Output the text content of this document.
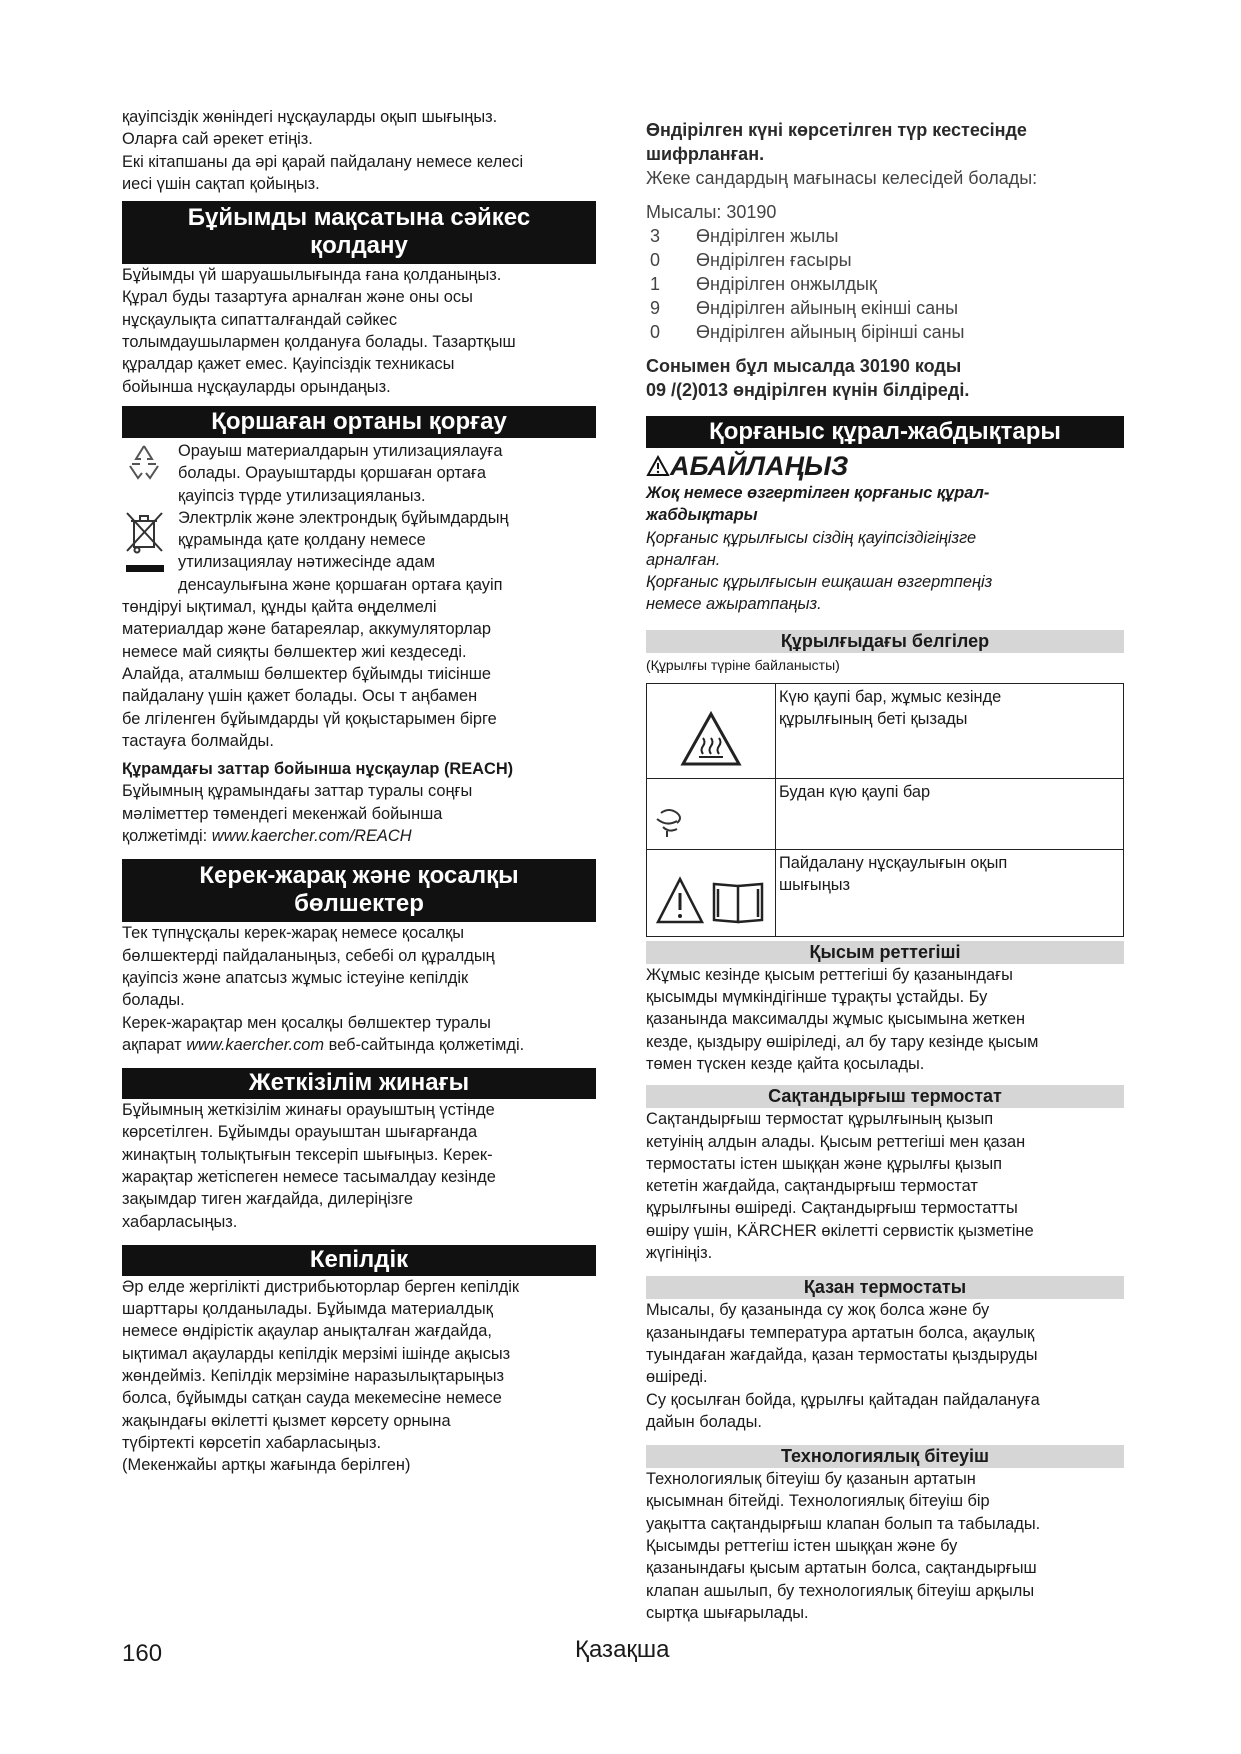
қауіпсіздік жөніндегі нұсқауларды оқып шығыңыз.
Оларға сай әрекет етіңіз.
Екі кітапшаны да әрі қарай пайдалану немесе келесі
иесі үшін сақтап қойыңыз.

Бұйымды мақсатына сәйкес
қолдану

Бұйымды үй шаруашылығында ғана қолданыңыз.
Құрал буды тазартуға арналған және оны осы
нұсқаулықта сипатталғандай сәйкес
толымдаушылармен қолдануға болады. Тазартқыш
құралдар қажет емес. Қауіпсіздік техникасы
бойынша нұсқауларды орындаңыз.

Қоршаған ортаны қорғау

Орауыш материалдарын утилизациялауға
болады. Орауыштарды қоршаған ортаға
қауіпсіз түрде утилизацияланыз.

Электрлік және электрондық бұйымдардың
құрамында қате қолдану немесе
утилизациялау нәтижесінде адам
денсаулығына және қоршаған ортаға қауіп

төндіруі ықтимал, құнды қайта өңделмелі
материалдар және батареялар, аккумуляторлар
немесе май сияқты бөлшектер жиі кездеседі.
Алайда, аталмыш бөлшектер бұйымды тиісінше
пайдалану үшін қажет болады. Осы т аңбамен
бе лгіленген бұйымдарды үй қоқыстарымен бірге
тастауға болмайды.

Құрамдағы заттар бойынша нұсқаулар (REACH)

Бұйымның құрамындағы заттар туралы соңғы
мәліметтер төмендегі мекенжай бойынша
қолжетімді: www.kaercher.com/REACH

Керек-жарақ және қосалқы
бөлшектер

Тек түпнұсқалы керек-жарақ немесе қосалқы
бөлшектерді пайдаланыңыз, себебі ол құралдың
қауіпсіз және апатсыз жұмыс істеуіне кепілдік
болады.
Керек-жарақтар мен қосалқы бөлшектер туралы
ақпарат www.kaercher.com веб-сайтында қолжетімді.

Жеткізілім жинағы

Бұйымның жеткізілім жинағы орауыштың үстінде
көрсетілген. Бұйымды орауыштан шығарғанда
жинақтың толықтығын тексеріп шығыңыз. Керек-
жарақтар жетіспеген немесе тасымалдау кезінде
зақымдар тиген жағдайда, дилеріңізге
хабарласыңыз.

Кепілдік

Әр елде жергілікті дистрибьюторлар берген кепілдік
шарттары қолданылады. Бұйымда материалдық
немесе өндірістік ақаулар анықталған жағдайда,
ықтимал ақауларды кепілдік мерзімі ішінде ақысыз
жөндейміз. Кепілдік мерзіміне наразылықтарыңыз
болса, бұйымды сатқан сауда мекемесіне немесе
жақындағы өкілетті қызмет көрсету орнына
түбіртекті көрсетіп хабарласыңыз.
(Мекенжайы артқы жағында берілген)

Өндірілген күні көрсетілген түр кестесінде
шифрланған.

Жеке сандардың мағынасы келесідей болады:

Мысалы: 30190

3	Өндірілген жылы
0	Өндірілген ғасыры
1	Өндірілген онжылдық
9	Өндірілген айының екінші саны
0	Өндірілген айының бірінші саны

Сонымен бұл мысалда 30190 коды
09 /(2)013 өндірілген күнін білдіреді.

Қорғаныс құрал-жабдықтары
АБАЙЛАҢЫЗ

Жоқ немесе өзгертілген қорғаныс құрал-
жабдықтары

Қорғаныс құрылғысы сіздің қауіпсіздігіңізге
арналған.
Қорғаныс құрылғысын ешқашан өзгертпеңіз
немесе ажыратпаңыз.

Құрылғыдағы белгілер

(Құрылғы түріне байланысты)

	Күю қаупі бар, жұмыс кезінде
құрылғының беті қызады

	Будан күю қаупі бар

	Пайдалану нұсқаулығын оқып
шығыңыз
Қысым реттегіші

Жұмыс кезінде қысым реттегіші бу қазанындағы
қысымды мүмкіндігінше тұрақты ұстайды. Бу
қазанында максималды жұмыс қысымына жеткен
кезде, қыздыру өшіріледі, ал бу тару кезінде қысым
төмен түскен кезде қайта қосылады.

Сақтандырғыш термостат

Сақтандырғыш термостат құрылғының қызып
кетуінің алдын алады. Қысым реттегіші мен қазан
термостаты істен шыққан және құрылғы қызып
кететін жағдайда, сақтандырғыш термостат
құрылғыны өшіреді. Сақтандырғыш термостатты
өшіру үшін, KÄRCHER өкілетті сервистік қызметіне
жүгініңіз.

Қазан термостаты

Мысалы, бу қазанында су жоқ болса және бу
қазанындағы температура артатын болса, ақаулық
туындаған жағдайда, қазан термостаты қыздыруды
өшіреді.
Су қосылған бойда, құрылғы қайтадан пайдалануға
дайын болады.

Технологиялық бітеуіш

Технологиялық бітеуіш бу қазанын артатын
қысымнан бітейді. Технологиялық бітеуіш бір
уақытта сақтандырғыш клапан болып та табылады.
Қысымды реттегіш істен шыққан және бу
қазанындағы қысым артатын болса, сақтандырғыш
клапан ашылып, бу технологиялық бітеуіш арқылы
сыртқа шығарылады.

160	Қазақша
